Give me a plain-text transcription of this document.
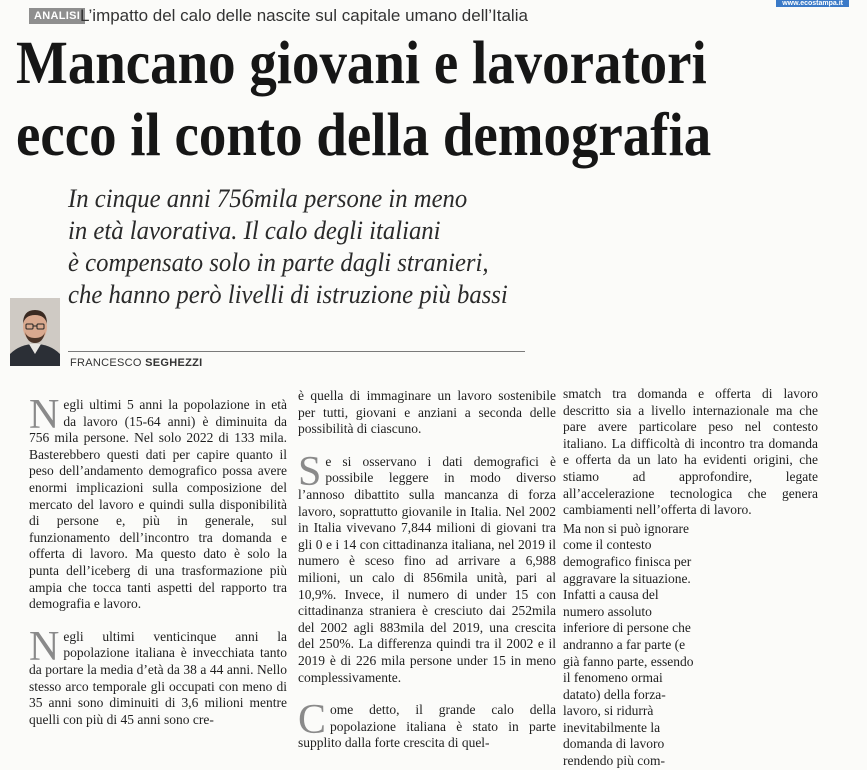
ANALISI L’impatto del calo delle nascite sul capitale umano dell’Italia
www.ecostampa.it
Mancano giovani e lavoratori
ecco il conto della demografia
In cinque anni 756mila persone in meno
in età lavorativa. Il calo degli italiani
è compensato solo in parte dagli stranieri,
che hanno però livelli di istruzione più bassi
FRANCESCO SEGHEZZI

Negli ultimi 5 anni la popolazione in età da lavoro (15-64 anni) è diminuita da 756 mila persone. Nel solo 2022 di 133 mila. Basterebbero questi dati per capire quanto il peso dell’andamento demografico possa avere enormi implicazioni sulla composizione del mercato del lavoro e quindi sulla disponibilità di persone e, più in generale, sul funzionamento dell’incontro tra domanda e offerta di lavoro. Ma questo dato è solo la punta dell’iceberg di una trasformazione più ampia che tocca tanti aspetti del rapporto tra demografia e lavoro.

Negli ultimi venticinque anni la popolazione italiana è invecchiata tanto da portare la media d’età da 38 a 44 anni. Nello stesso arco temporale gli occupati con meno di 35 anni sono diminuiti di 3,6 milioni mentre quelli con più di 45 anni sono cre-

è quella di immaginare un lavoro sostenibile per tutti, giovani e anziani a seconda delle possibilità di ciascuno.

Se si osservano i dati demografici è possibile leggere in modo diverso l’annoso dibattito sulla mancanza di forza lavoro, soprattutto giovanile in Italia. Nel 2002 in Italia vivevano 7,844 milioni di giovani tra gli 0 e i 14 con cittadinanza italiana, nel 2019 il numero è sceso fino ad arrivare a 6,988 milioni, un calo di 856mila unità, pari al 10,9%. Invece, il numero di under 15 con cittadinanza straniera è cresciuto dai 252mila del 2002 agli 883mila del 2019, una crescita del 250%. La differenza quindi tra il 2002 e il 2019 è di 226 mila persone under 15 in meno complessivamente.

Come detto, il grande calo della popolazione italiana è stato in parte supplito dalla forte crescita di quel-

smatch tra domanda e offerta di lavoro descritto sia a livello internazionale ma che pare avere particolare peso nel contesto italiano. La difficoltà di incontro tra domanda e offerta da un lato ha evidenti origini, che stiamo ad approfondire, legate all’accelerazione tecnologica che genera cambiamenti nell’offerta di lavoro.

Ma non si può ignorare come il contesto demografico finisca per aggravare la situazione. Infatti a causa del numero assoluto inferiore di persone che andranno a far parte (e già fanno parte, essendo il fenomeno ormai datato) della forza-lavoro, si ridurrà inevitabilmente la domanda di lavoro rendendo più com-
